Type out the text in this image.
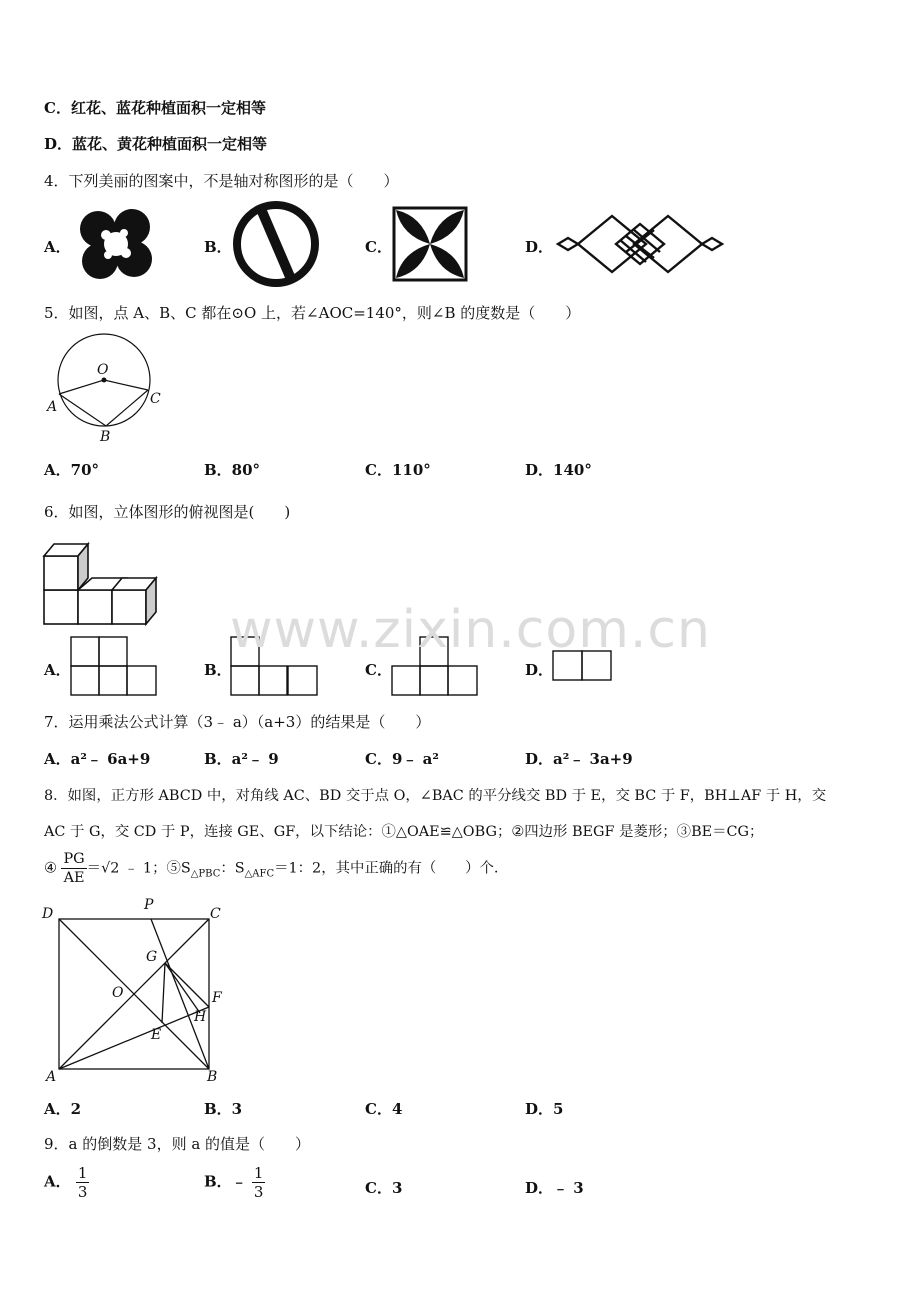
C．红花、蓝花种植面积一定相等
D．蓝花、黄花种植面积一定相等
4．下列美丽的图案中，不是轴对称图形的是（　　）
A．	B．	C．	D．
5．如图，点 A、B、C 都在⊙O 上，若∠AOC=140°，则∠B 的度数是（　　）
O
A	C
B
A．70°	B．80°	C．110°	D．140°
6．如图，立体图形的俯视图是(　　)
A．	B．	C．	D．
www.zixin.com.cn
7．运用乘法公式计算（3﹣ a）（a+3）的结果是（　　）
A．a²﹣ 6a+9	B．a²﹣ 9	C．9﹣ a²	D．a²﹣ 3a+9
8．如图，正方形 ABCD 中，对角线 AC、BD 交于点 O，∠BAC 的平分线交 BD 于 E，交 BC 于 F，BH⊥AF 于 H，交
AC 于 G，交 CD 于 P，连接 GE、GF，以下结论：①△OAE≌△OBG；②四边形 BEGF 是菱形；③BE＝CG；
④ $\frac{PG}{AE} =√2$ ﹣ 1；$⑤S_{\triangle PBC}$：$S_{\triangle AFC}=1$：2，其中正确的有（　　）个.
D
P
C
G
O	F
H
E
A	B
A．2	B．3	C．4	D．5
9．a 的倒数是 3，则 a 的值是（　　）
A． $\frac{1}{3}$	B．﹣ $\frac{1}{3}$	C．3	D．﹣ 3
